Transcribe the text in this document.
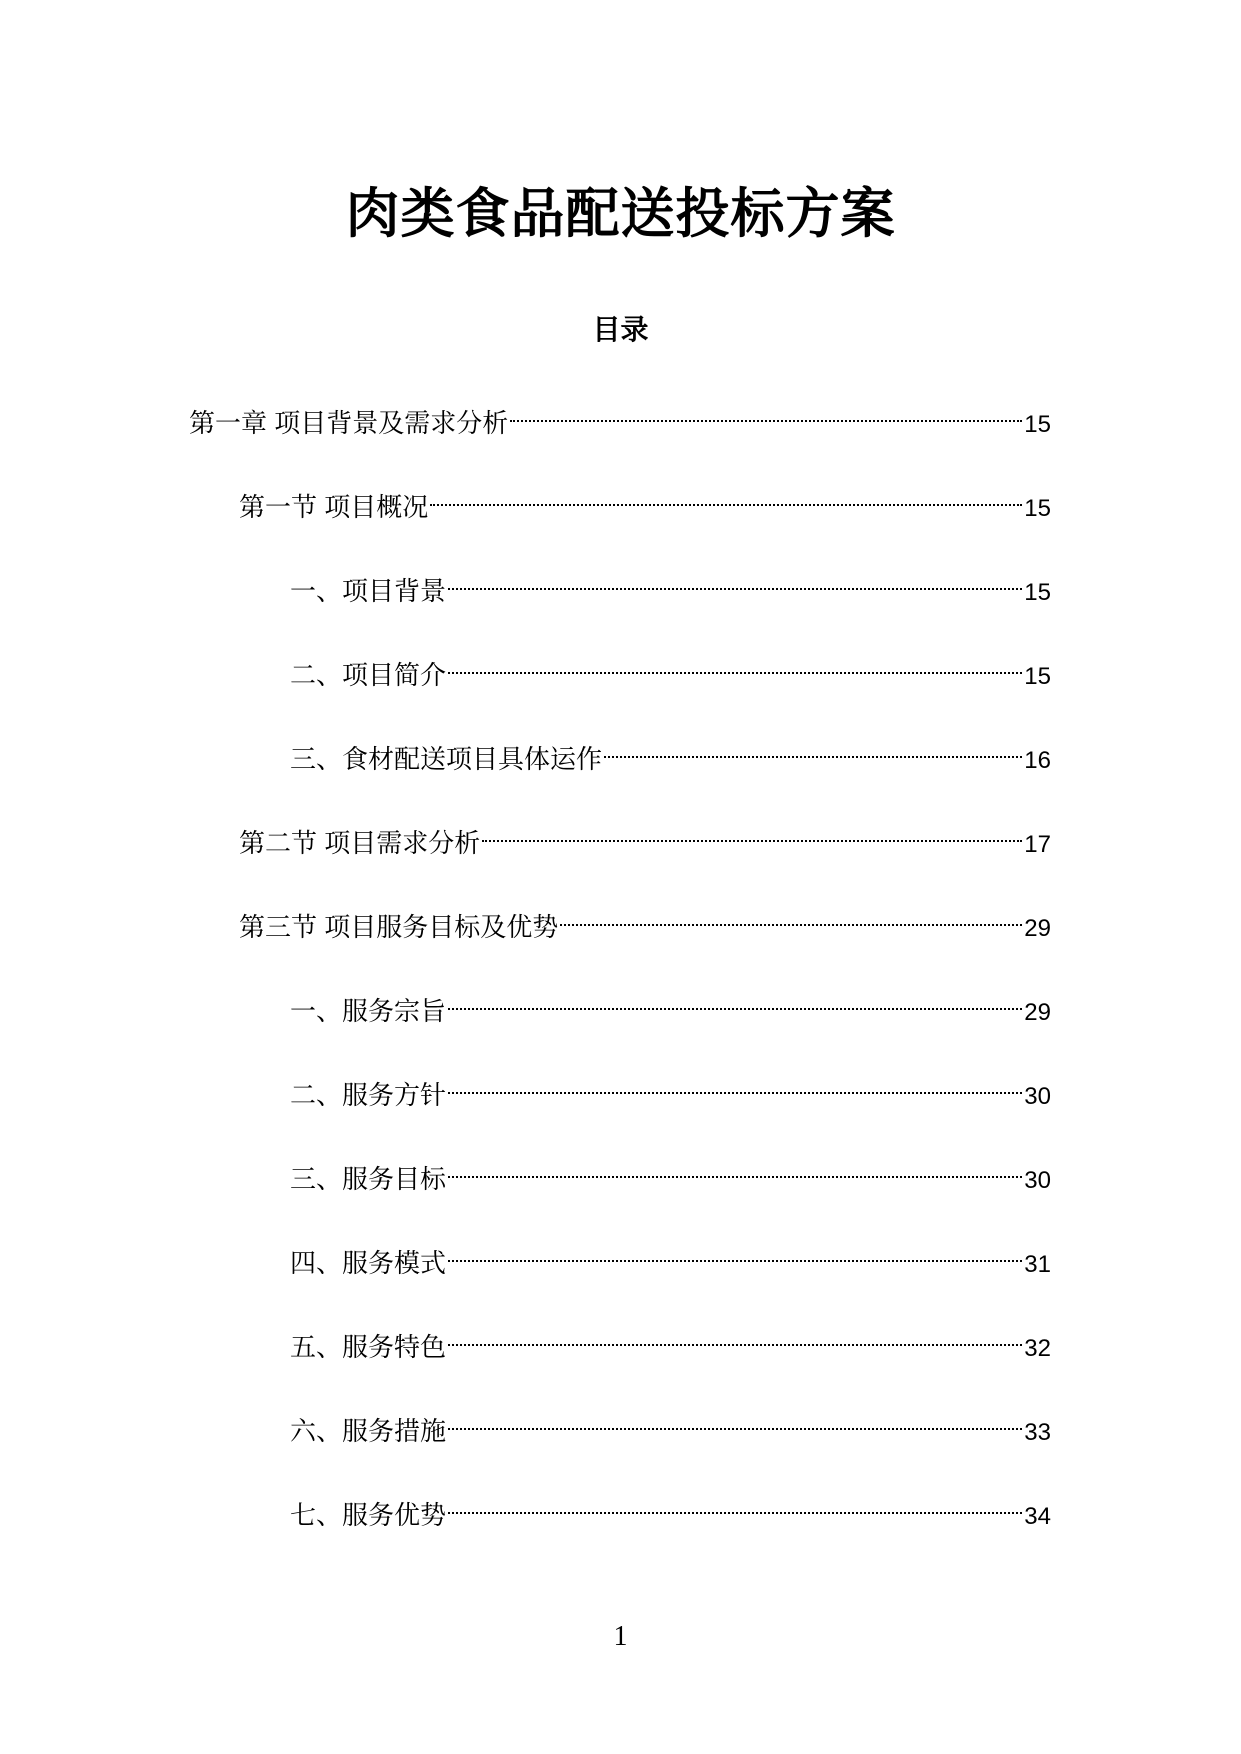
肉类食品配送投标方案
目录
第一章 项目背景及需求分析	15
第一节 项目概况	15
一、项目背景	15
二、项目简介	15
三、食材配送项目具体运作	16
第二节 项目需求分析	17
第三节 项目服务目标及优势	29
一、服务宗旨	29
二、服务方针	30
三、服务目标	30
四、服务模式	31
五、服务特色	32
六、服务措施	33
七、服务优势	34
1
